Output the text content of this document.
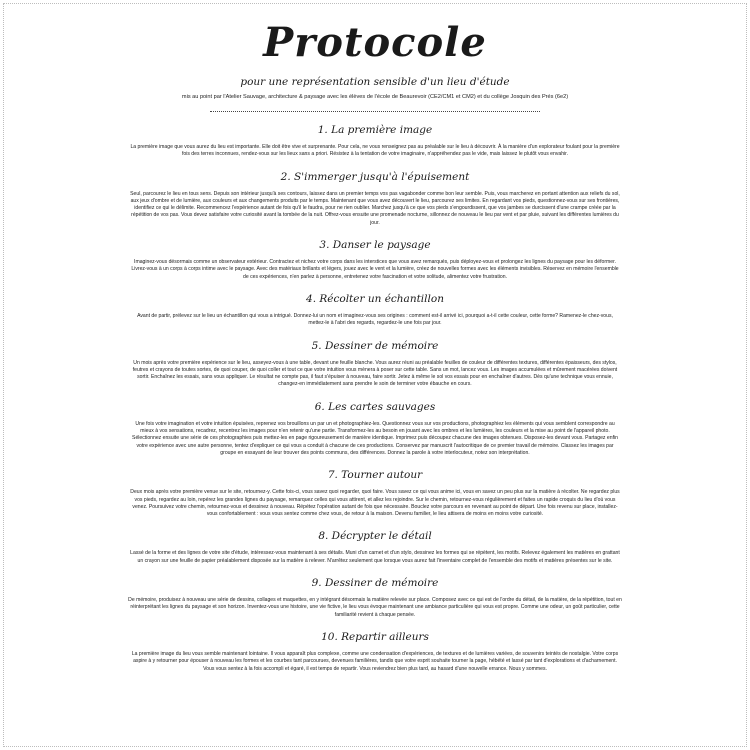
Protocole

pour une représentation sensible d'un lieu d'étude

mis au point par l'Atelier Sauvage, architecture & paysage avec les élèves de l'école de Beaurevoir (CE2/CM1 et CM2) et du collège Josquin des Prés (6e2)

1. La première image

La première image que vous aurez du lieu est importante. Elle doit être vive et surprenante. Pour cela, ne vous renseignez pas au préalable sur le lieu à découvrir. À la manière d'un explorateur foulant pour la première fois des terres inconnues, rendez-vous sur les lieux sans a priori. Résistez à la tentation de votre imaginaire, n'appréhendez pas le vide, mais laissez le plutôt vous envahir.

2. S'immerger jusqu'à l'épuisement

Seul, parcourez le lieu en tous sens. Depuis son intérieur jusqu'à ses contours, laissez dans un premier temps vos pas vagabonder comme bon leur semble. Puis, vous marcherez en portant attention aux reliefs du sol, aux jeux d'ombre et de lumière, aux couleurs et aux changements produits par le temps. Maintenant que vous avez découvert le lieu, parcourez ses limites. En regardant vos pieds, questionnez-vous sur ses frontières, identifiez ce qui le délimite. Recommencez l'expérience autant de fois qu'il le faudra, pour ne rien oublier. Marchez jusqu'à ce que vos pieds s'engourdissent, que vos jambes se durcissent d'une crampe créée par la répétition de vos pas. Vous devez satisfaire votre curiosité avant la tombée de la nuit. Offrez-vous ensuite une promenade nocturne, sillonnez de nouveau le lieu par vent et par pluie, suivant les différentes lumières du jour.

3. Danser le paysage

Imaginez-vous désormais comme un observateur extérieur. Contractez et nichez votre corps dans les interstices que vous avez remarqués, puis déployez-vous et prolongez les lignes du paysage pour les déformer. Livrez-vous à un corps à corps intime avec le paysage. Avec des matériaux brillants et légers, jouez avec le vent et la lumière, créez de nouvelles formes avec les éléments invisibles. Réservez en mémoire l'ensemble de ces expériences, n'en parlez à personne, entretenez votre fascination et votre solitude, alimentez votre frustration.

4. Récolter un échantillon

Avant de partir, prélevez sur le lieu un échantillon qui vous a intrigué. Donnez-lui un nom et imaginez-vous ses origines : comment est-il arrivé ici, pourquoi a-t-il cette couleur, cette forme? Ramenez-le chez-vous, mettez-le à l'abri des regards, regardez-le une fois par jour.

5. Dessiner de mémoire

Un mois après votre première expérience sur le lieu, asseyez-vous à une table, devant une feuille blanche. Vous aurez réuni au préalable feuilles de couleur de différentes textures, différentes épaisseurs, des stylos, feutres et crayons de toutes sortes, de quoi couper, de quoi coller et tout ce que votre intuition vous mènera à poser sur cette table. Sans un mot, lancez vous. Les images accumulées et mûrement macérées doivent sortir. Enchaînez les essais, sans vous appliquer. Le résultat ne compte pas, il faut s'épuiser à nouveau, faire sortir. Jetez à même le sol vos essais pour en enchaîner d'autres. Dès qu'une technique vous ennuie, changez-en immédiatement sans prendre le soin de terminer votre ébauche en cours.

6. Les cartes sauvages

Une fois votre imagination et votre intuition épuisées, reprenez vos brouillons un par un et photographiez-les. Questionnez vous sur vos productions, photographiez les éléments qui vous semblent correspondre au mieux à vos sensations, recadrez, recentrez les images pour n'en retenir qu'une partie. Transformez-les au besoin en jouant avec les ombres et les lumières, les couleurs et la mise au point de l'appareil photo. Sélectionnez ensuite une série de ces photographies puis mettez-les en page rigoureusement de manière identique. Imprimez puis découpez chacune des images obtenues. Disposez-les devant vous. Partagez enfin votre expérience avec une autre personne, tentez d'expliquer ce qui vous a conduit à chacune de ces productions. Conservez par manuscrit l'autocritique de ce premier travail de mémoire. Classez les images par groupe en essayant de leur trouver des points communs, des différences. Donnez la parole à votre interlocuteur, notez son interprétation.

7. Tourner autour

Deux mois après votre première venue sur le site, retournez-y. Cette fois-ci, vous savez quoi regarder, quoi faire. Vous savez ce qui vous anime ici, vous en savez un peu plus sur la matière à récolter. Ne regardez plus vos pieds, regardez au loin, repérez les grandes lignes du paysage, remarquez celles qui vous attirent, et allez les rejoindre. Sur le chemin, retournez-vous régulièrement et faites un rapide croquis du lieu d'où vous venez. Poursuivez votre chemin, retournez-vous et dessinez à nouveau. Répétez l'opération autant de fois que nécessaire. Bouclez votre parcours en revenant au point de départ. Une fois revenu sur place, installez-vous confortablement : vous vous sentez comme chez vous, de retour à la maison. Devenu familier, le lieu attisera de moins en moins votre curiosité.

8. Décrypter le détail

Lassé de la forme et des lignes de votre site d'étude, intéressez-vous maintenant à ses détails. Muni d'un carnet et d'un stylo, dessinez les formes qui se répètent, les motifs. Relevez également les matières en grattant un crayon sur une feuille de papier préalablement disposée sur la matière à relever. N'arrêtez seulement que lorsque vous aurez fait l'inventaire complet de l'ensemble des motifs et matières présentes sur le site.

9. Dessiner de mémoire

De mémoire, produisez à nouveau une série de dessins, collages et maquettes, en y intégrant désormais la matière relevée sur place. Composez avec ce qui est de l'ordre du détail, de la matière, de la répétition, tout en réinterprétant les lignes du paysage et son horizon. Inventez-vous une histoire, une vie fictive, le lieu vous évoque maintenant une ambiance particulière qui vous est propre. Comme une odeur, un goût particulier, cette familiarité revient à chaque pensée.

10. Repartir ailleurs

La première image du lieu vous semble maintenant lointaine. Il vous apparaît plus complexe, comme une condensation d'expériences, de textures et de lumières variées, de souvenirs teintés de nostalgie. Votre corps aspire à y retourner pour épouser à nouveau les formes et les courbes tant parcourues, devenues familières, tandis que votre esprit souhaite tourner la page, hébété et lassé par tant d'explorations et d'acharnement. Vous vous sentez à la fois accompli et égaré, il est temps de repartir. Vous reviendrez bien plus tard, au hasard d'une nouvelle errance. Nous y sommes.
